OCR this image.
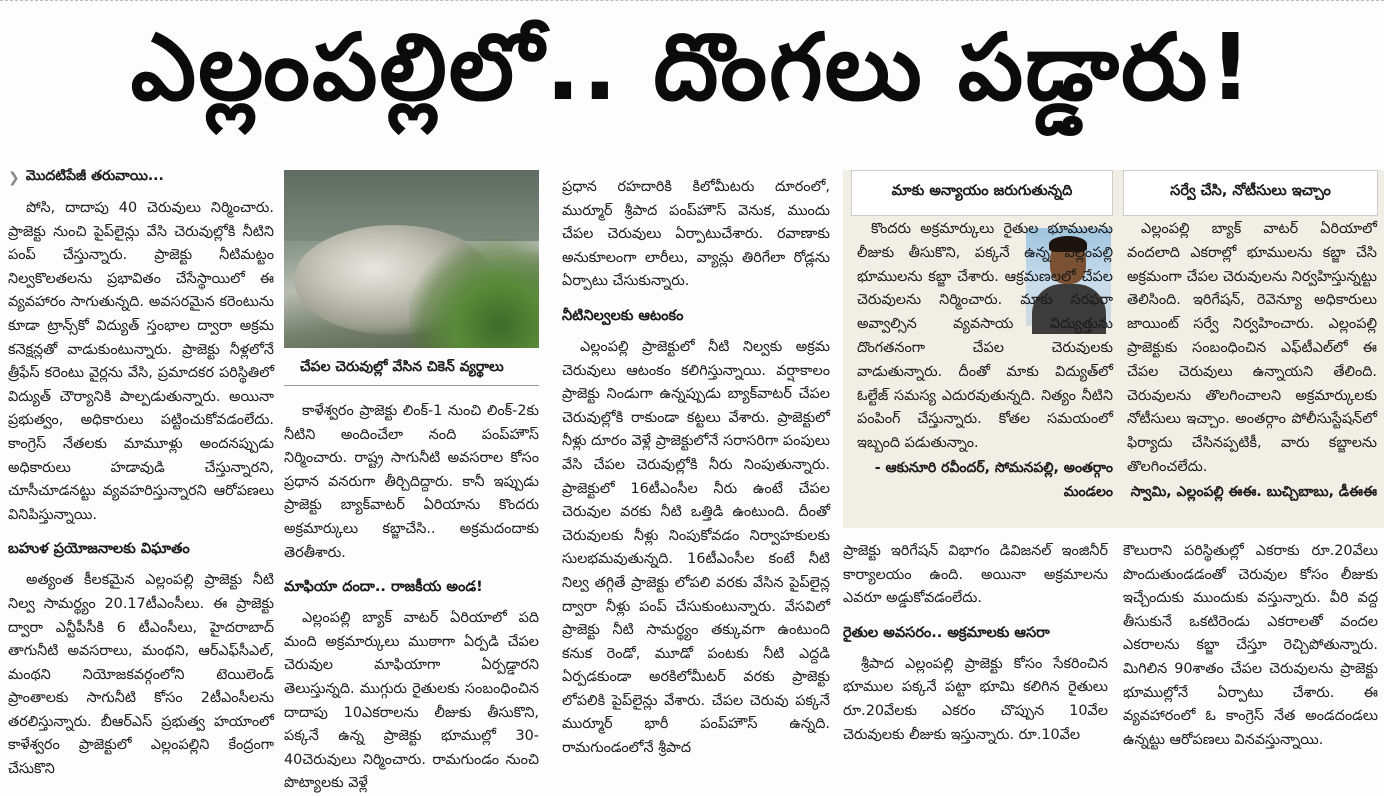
ఎల్లంపల్లిలో.. దొంగలు పడ్డారు!
❯ మొదటిపేజీ తరువాయి...

పోసి, దాదాపు 40 చెరువులు నిర్మించారు. ప్రాజెక్టు నుంచి పైప్‌లైన్లు వేసి చెరువుల్లోకి నీటిని పంప్ చేస్తున్నారు. ప్రాజెక్టు నీటిమట్టం నిల్వకొలతలను ప్రభావితం చేసేస్థాయిలో ఈ వ్యవహారం సాగుతున్నది. అవసరమైన కరెంటును కూడా ట్రాన్స్‌కో విద్యుత్ స్తంభాల ద్వారా అక్రమ కనెక్షన్లతో వాడుకుంటున్నారు. ప్రాజెక్టు నీళ్లలోనే త్రీఫేస్ కరెంటు వైర్లను వేసి, ప్రమాదకర పరిస్థితిలో విద్యుత్ చౌర్యానికి పాల్పడుతున్నారు. అయినా ప్రభుత్వం, అధికారులు పట్టించుకోవడంలేదు. కాంగ్రెస్ నేతలకు మామూళ్లు అందనప్పుడు అధికారులు హడావుడి చేస్తున్నారని, చూసీచూడనట్టు వ్యవహరిస్తున్నారని ఆరోపణలు వినిపిస్తున్నాయి.

బహుళ ప్రయోజనాలకు విఘాతం

అత్యంత కీలకమైన ఎల్లంపల్లి ప్రాజెక్టు నీటి నిల్వ సామర్థ్యం 20.17టీఎంసీలు. ఈ ప్రాజెక్టు ద్వారా ఎన్టీపీసీకి 6 టీఎంసీలు, హైదరాబాద్ తాగునీటి అవసరాలు, మంథని, ఆర్‌ఎఫ్‌సీఎల్, మంథని నియోజకవర్గంలోని టెయిలెండ్ ప్రాంతాలకు సాగునీటి కోసం 2టీఎంసీలను తరలిస్తున్నారు. బీఆర్ఎస్ ప్రభుత్వ హయాంలో కాళేశ్వరం ప్రాజెక్టులో ఎల్లంపల్లిని కేంద్రంగా చేసుకొని

చేపల చెరువుల్లో వేసిన చికెన్ వ్యర్థాలు

కాళేశ్వరం ప్రాజెక్టు లింక్-1 నుంచి లింక్-2కు నీటిని అందించేలా నంది పంప్‌హౌస్ నిర్మించారు. రాష్ట్ర సాగునీటి అవసరాల కోసం ప్రధాన వనరుగా తీర్చిదిద్దారు. కానీ ఇప్పుడు ప్రాజెక్టు బ్యాక్‌వాటర్ ఏరియాను కొందరు అక్రమార్కులు కబ్జాచేసి.. అక్రమదందాకు తెరతీశారు.

మాఫియా దందా.. రాజకీయ అండ!

ఎల్లంపల్లి బ్యాక్ వాటర్ ఏరియాలో పది మంది అక్రమార్కులు ముఠాగా ఏర్పడి చేపల చెరువుల మాఫియాగా ఏర్పడ్డారని తెలుస్తున్నది. ముగ్గురు రైతులకు సంబంధించిన దాదాపు 10ఎకరాలను లీజుకు తీసుకొని, పక్కనే ఉన్న ప్రాజెక్టు భూముల్లో 30-40చెరువులు నిర్మించారు. రామగుండం నుంచి పొట్యాలకు వెళ్లే

ప్రధాన రహదారికి కిలోమీటరు దూరంలో, ముర్మూర్ శ్రీపాద పంప్‌హౌస్ వెనుక, ముందు చేపల చెరువులు ఏర్పాటుచేశారు. రవాణాకు అనుకూలంగా లారీలు, వ్యాన్లు తిరిగేలా రోడ్లను ఏర్పాటు చేసుకున్నారు.

నీటినిల్వలకు ఆటంకం

ఎల్లంపల్లి ప్రాజెక్టులో నీటి నిల్వకు అక్రమ చెరువులు ఆటంకం కలిగిస్తున్నాయి. వర్షాకాలం ప్రాజెక్టు నిండుగా ఉన్నప్పుడు బ్యాక్‌వాటర్ చేపల చెరువుల్లోకి రాకుండా కట్టలు వేశారు. ప్రాజెక్టులో నీళ్లు దూరం వెళ్లే ప్రాజెక్టులోనే సరాసరిగా పంపులు వేసి చేపల చెరువుల్లోకి నీరు నింపుతున్నారు. ప్రాజెక్టులో 16టీఎంసీల నీరు ఉంటే చేపల చెరువుల వరకు నీటి ఒత్తిడి ఉంటుంది. దీంతో చెరువులకు నీళ్లు నింపుకోవడం నిర్వాహకులకు సులభమవుతున్నది. 16టీఎంసీల కంటే నీటి నిల్వ తగ్గితే ప్రాజెక్టు లోపలి వరకు వేసిన పైప్‌లైన్ల ద్వారా నీళ్లు పంప్ చేసుకుంటున్నారు. వేసవిలో ప్రాజెక్టు నీటి సామర్థ్యం తక్కువగా ఉంటుంది కనుక రెండో, మూడో పంటకు నీటి ఎద్దడి ఏర్పడకుండా అరకిలోమీటర్ వరకు ప్రాజెక్టు లోపలికి పైప్‌లైన్లు వేశారు. చేపల చెరువు పక్కనే ముర్మూర్ భారీ పంప్‌హౌస్ ఉన్నది. రామగుండంలోనే శ్రీపాద

మాకు అన్యాయం జరుగుతున్నది	సర్వే చేసి, నోటీసులు ఇచ్చాం

కొందరు అక్రమార్కులు రైతుల భూములను లీజుకు తీసుకొని, పక్కనే ఉన్న ఎల్లంపల్లి భూములను కబ్జా చేశారు. ఆక్రమణలలో చేపల చెరువులను నిర్మించారు. మాకు సరఫరా అవ్వాల్సిన వ్యవసాయ విద్యుత్తును దొంగతనంగా చేపల చెరువులకు వాడుతున్నారు. దీంతో మాకు విద్యుత్‌లో ఓల్టేజ్ సమస్య ఎదురవుతున్నది. నిత్యం నీటిని పంపింగ్ చేస్తున్నారు. కోతల సమయంలో ఇబ్బంది పడుతున్నాం.

- ఆకునూరి రవీందర్, సోమనపల్లి, అంతర్గాం మండలం

ఎల్లంపల్లి బ్యాక్ వాటర్ ఏరియాలో వందలాది ఎకరాల్లో భూములను కబ్జా చేసి అక్రమంగా చేపల చెరువులను నిర్వహిస్తున్నట్టు తెలిసింది. ఇరిగేషన్, రెవెన్యూ అధికారులు జాయింట్ సర్వే నిర్వహించారు. ఎల్లంపల్లి ప్రాజెక్టుకు సంబంధించిన ఎఫ్‌టీఎల్‌లో ఈ చేపల చెరువులు ఉన్నాయని తేలింది. చెరువులను తొలగించాలని అక్రమార్కులకు నోటీసులు ఇచ్చాం. అంతర్గాం పోలీసుస్టేషన్‌లో ఫిర్యాదు చేసినప్పటికీ, వారు కబ్జాలను తొలగించలేదు.

స్వామి, ఎల్లంపల్లి ఈఈ. బుచ్చిబాబు, డీఈఈ

ప్రాజెక్టు ఇరిగేషన్ విభాగం డివిజనల్ ఇంజినీర్ కార్యాలయం ఉంది. అయినా అక్రమాలను ఎవరూ అడ్డుకోవడంలేదు.

రైతుల అవసరం.. అక్రమాలకు ఆసరా

శ్రీపాద ఎల్లంపల్లి ప్రాజెక్టు కోసం సేకరించిన భూముల పక్కనే పట్టా భూమి కలిగిన రైతులు రూ.20వేలకు ఎకరం చొప్పున 10వేల చెరువులకు లీజుకు ఇస్తున్నారు. రూ.10వేల

కౌలురాని పరిస్థితుల్లో ఎకరాకు రూ.20వేలు పొందుతుండడంతో చెరువుల కోసం లీజుకు ఇచ్చేందుకు ముందుకు వస్తున్నారు. వీరి వద్ద తీసుకునే ఒకటిరెండు ఎకరాలతో వందల ఎకరాలను కబ్జా చేస్తూ రెచ్చిపోతున్నారు. మిగిలిన 90శాతం చేపల చెరువులను ప్రాజెక్టు భూముల్లోనే ఏర్పాటు చేశారు. ఈ వ్యవహారంలో ఓ కాంగ్రెస్ నేత అండదండలు ఉన్నట్టు ఆరోపణలు వినవస్తున్నాయి.
